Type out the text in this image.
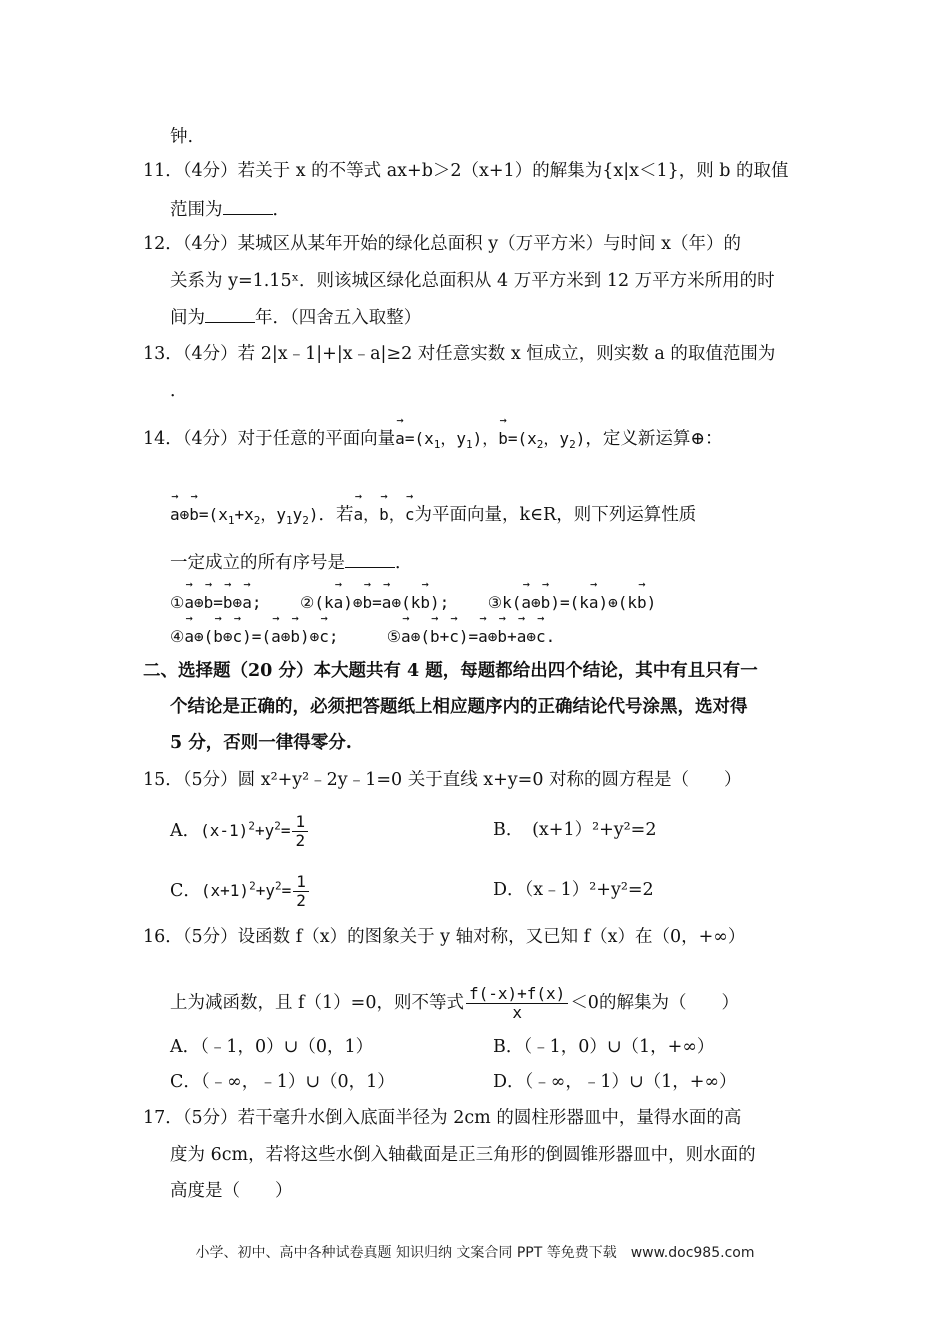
钟.
11．（4分）若关于 x 的不等式 ax+b＞2（x+1）的解集为{x|x＜1}，则 b 的取值
范围为	．
12．（4分）某城区从某年开始的绿化总面积 y（万平方米）与时间 x（年）的
关系为 y=1.15ˣ．则该城区绿化总面积从 4 万平方米到 12 万平方米所用的时
间为	年．（四舍五入取整）
13．（4分）若 2|x﹣1|+|x﹣a|≥2 对任意实数 x 恒成立，则实数 a 的取值范围为
．
14．（4分）对于任意的平面向量→ $a=(x_1$，$y_1$)，→ $b=(x_2$，$y_2$)，定义新运算⊕：
→ a⊕→ $b=(x_1+x_2$，$y_1y_2$)．若→ a，→ b，→ c为平面向量，k∈R，则下列运算性质
一定成立的所有序号是	．
①→ a⊕→ b=→ b⊕→ a;    ②(k→ a)⊕→ b=→ a⊕(k→ b);    ③k(→ a⊕→ b)=(k→ a)⊕(k→ b)
④→ a⊕(→ b⊕→ c)=(→ a⊕→ b)⊕→ c;     ⑤→ a⊕(→ b+→ c)=→ a⊕→ b+→ a⊕→ c.
二、选择题（20 分）本大题共有 4 题，每题都给出四个结论，其中有且只有一
个结论是正确的，必须把答题纸上相应题序内的正确结论代号涂黑，选对得
5 分，否则一律得零分.
15．（5分）圆 x²+y²﹣2y﹣1=0 关于直线 x+y=0 对称的圆方程是（　　）
A．$(x-1)^2+y^2= \frac{1}{2}$	B．　(x+1）²+y²=2
C．$(x+1)^2+y^2= \frac{1}{2}$	D．（x﹣1）²+y²=2
16．（5分）设函数 f（x）的图象关于 y 轴对称，又已知 f（x）在（0，+∞）
上为减函数，且 f（1）=0，则不等式 $\frac{f(-x)+f(x)}{x} <0$的解集为（　　）
A．（﹣1，0）∪（0，1）	B．（﹣1，0）∪（1，+∞）
C．（﹣∞，﹣1）∪（0，1）	D．（﹣∞，﹣1）∪（1，+∞）
17．（5分）若干毫升水倒入底面半径为 2cm 的圆柱形器皿中，量得水面的高
度为 6cm，若将这些水倒入轴截面是正三角形的倒圆锥形器皿中，则水面的
高度是（　　）
小学、初中、高中各种试卷真题 知识归纳 文案合同 PPT 等免费下载　www.doc985.com
